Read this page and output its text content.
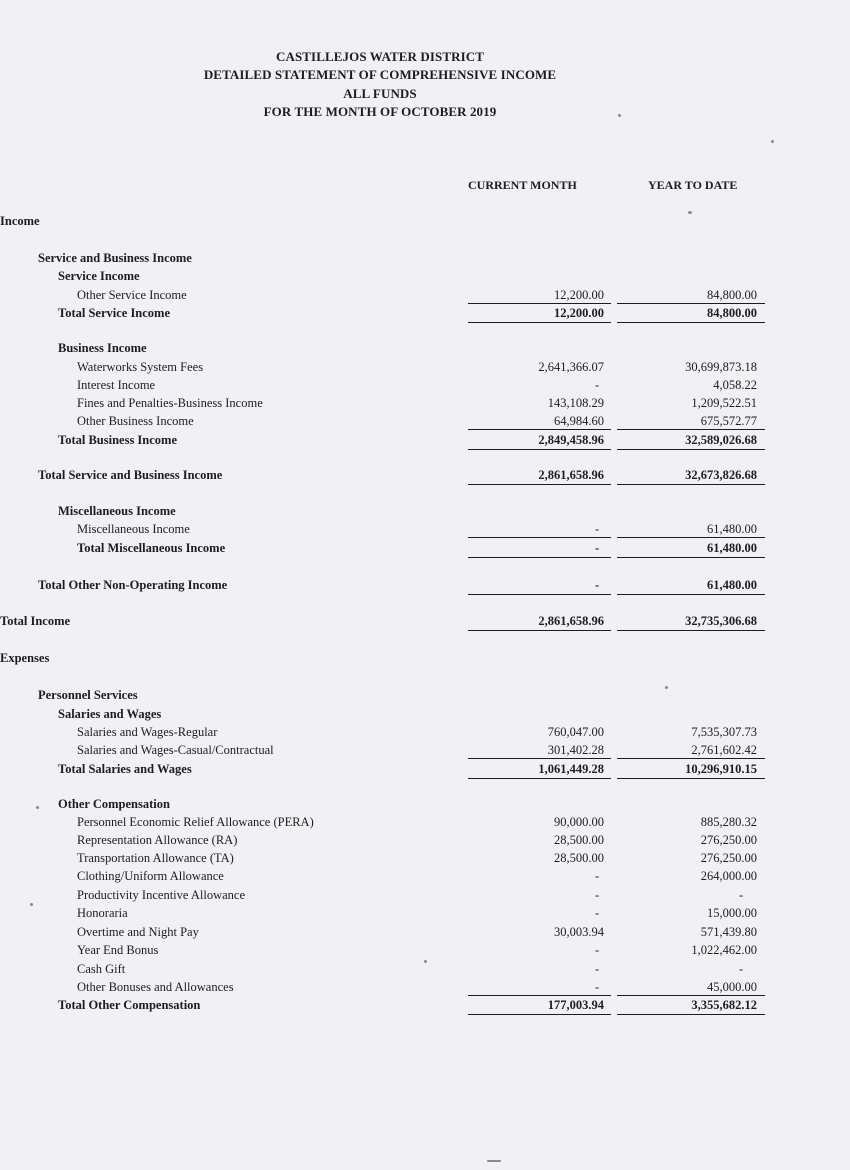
CASTILLEJOS WATER DISTRICT
DETAILED STATEMENT OF COMPREHENSIVE INCOME
ALL FUNDS
FOR THE MONTH OF OCTOBER 2019
CURRENT MONTH	YEAR TO DATE
Income
Service and Business Income
Service Income
Other Service Income	12,200.00	84,800.00
Total Service Income	12,200.00	84,800.00
Business Income
Waterworks System Fees	2,641,366.07	30,699,873.18
Interest Income	-	4,058.22
Fines and Penalties-Business Income	143,108.29	1,209,522.51
Other Business Income	64,984.60	675,572.77
Total Business Income	2,849,458.96	32,589,026.68
Total Service and Business Income	2,861,658.96	32,673,826.68
Miscellaneous Income
Miscellaneous Income	-	61,480.00
Total Miscellaneous Income	-	61,480.00
Total Other Non-Operating Income	-	61,480.00
Total Income	2,861,658.96	32,735,306.68
Expenses
Personnel Services
Salaries and Wages
Salaries and Wages-Regular	760,047.00	7,535,307.73
Salaries and Wages-Casual/Contractual	301,402.28	2,761,602.42
Total Salaries and Wages	1,061,449.28	10,296,910.15
Other Compensation
Personnel Economic Relief Allowance (PERA)	90,000.00	885,280.32
Representation Allowance (RA)	28,500.00	276,250.00
Transportation Allowance (TA)	28,500.00	276,250.00
Clothing/Uniform Allowance	-	264,000.00
Productivity Incentive Allowance	-	-
Honoraria	-	15,000.00
Overtime and Night Pay	30,003.94	571,439.80
Year End Bonus	-	1,022,462.00
Cash Gift	-	-
Other Bonuses and Allowances	-	45,000.00
Total Other Compensation	177,003.94	3,355,682.12
